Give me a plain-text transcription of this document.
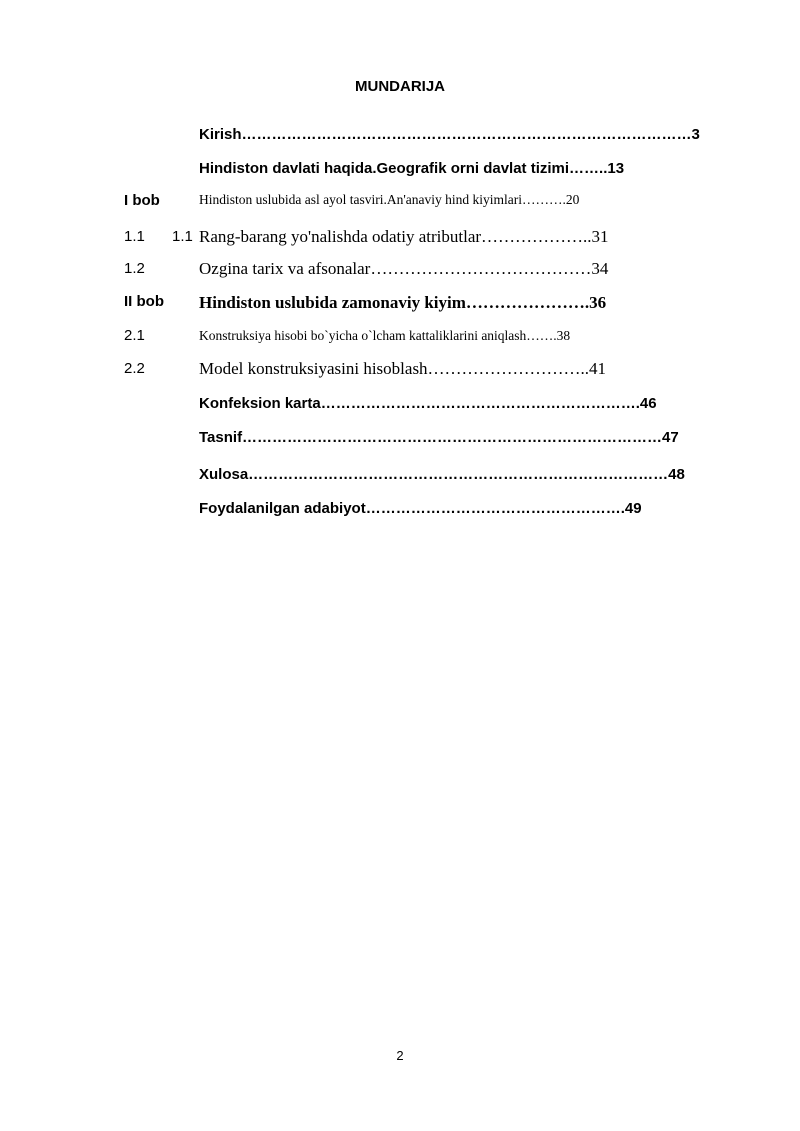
MUNDARIJA
Kirish………………………………………………………………………………3
Hindiston davlati haqida.Geografik orni davlat tizimi……..13
I bob	Hindiston uslubida asl ayol tasviri.An'anaviy hind kiyimlari……….20
1.1 1.1 Rang-barang yo'nalishda odatiy atributlar………………..31
1.2	Ozgina tarix va afsonalar…………………………………34
II bob Hindiston uslubida zamonaviy kiyim………………….36
2.1	Konstruksiya hisobi bo`yicha o`lcham kattaliklarini aniqlash…….38
2.2	Model konstruksiyasini hisoblash………………………..41
Konfeksion karta……………………………………………………….46
Tasnif…………………………………………………………………………47
Xulosa…………………………………………………………………………48
Foydalanilgan adabiyot…………………………………………….49
2
